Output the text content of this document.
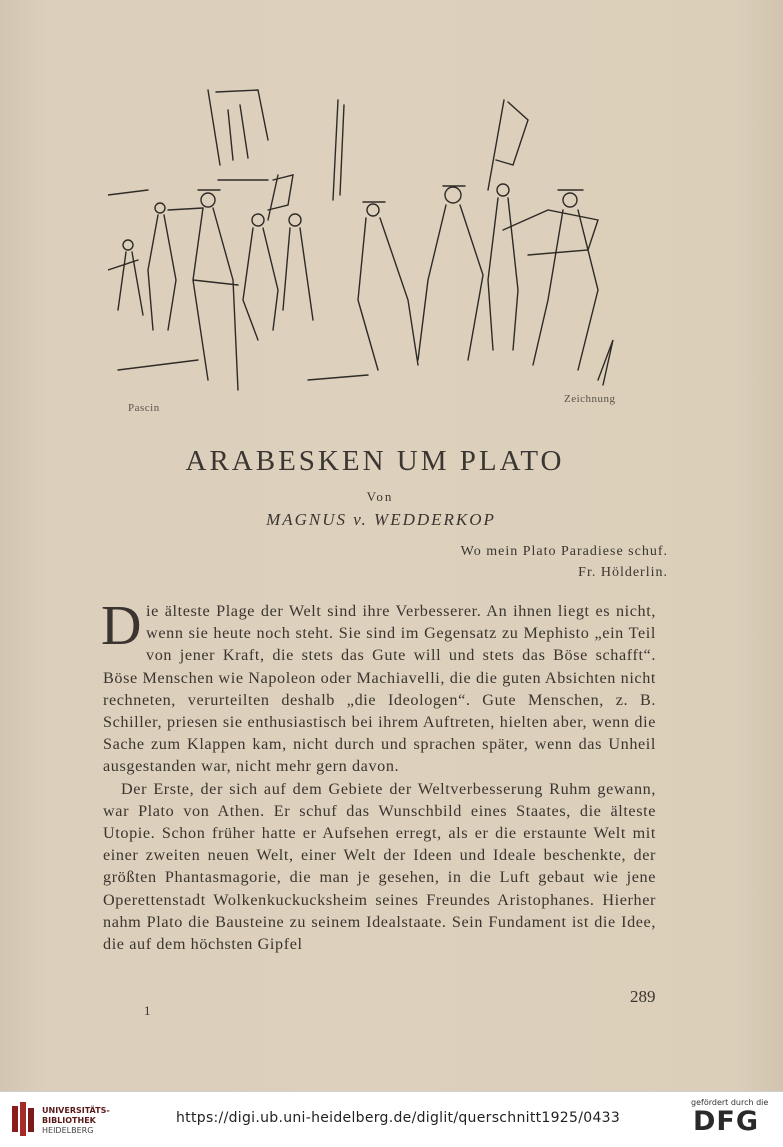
Pascin
Zeichnung
ARABESKEN UM PLATO
Von
MAGNUS v. WEDDERKOP
Wo mein Plato Paradiese schuf.
Fr. Hölderlin.

Die älteste Plage der Welt sind ihre Verbesserer. An ihnen liegt es nicht, wenn sie heute noch steht. Sie sind im Gegensatz zu Mephisto „ein Teil von jener Kraft, die stets das Gute will und stets das Böse schafft“. Böse Menschen wie Napoleon oder Machiavelli, die die guten Absichten nicht rechneten, verurteilten deshalb „die Ideologen“. Gute Menschen, z. B. Schiller, priesen sie enthusiastisch bei ihrem Auftreten, hielten aber, wenn die Sache zum Klappen kam, nicht durch und sprachen später, wenn das Unheil ausgestanden war, nicht mehr gern davon.

Der Erste, der sich auf dem Gebiete der Weltverbesserung Ruhm gewann, war Plato von Athen. Er schuf das Wunschbild eines Staates, die älteste Utopie. Schon früher hatte er Aufsehen erregt, als er die erstaunte Welt mit einer zweiten neuen Welt, einer Welt der Ideen und Ideale beschenkte, der größten Phantasmagorie, die man je gesehen, in die Luft gebaut wie jene Operettenstadt Wolkenkuckucksheim seines Freundes Aristophanes. Hierher nahm Plato die Bausteine zu seinem Idealstaate. Sein Fundament ist die Idee, die auf dem höchsten Gipfel

289
1
UNIVERSITÄTS-
BIBLIOTHEK
HEIDELBERG
https://digi.ub.uni-heidelberg.de/diglit/querschnitt1925/0433
gefördert durch die
DFG
